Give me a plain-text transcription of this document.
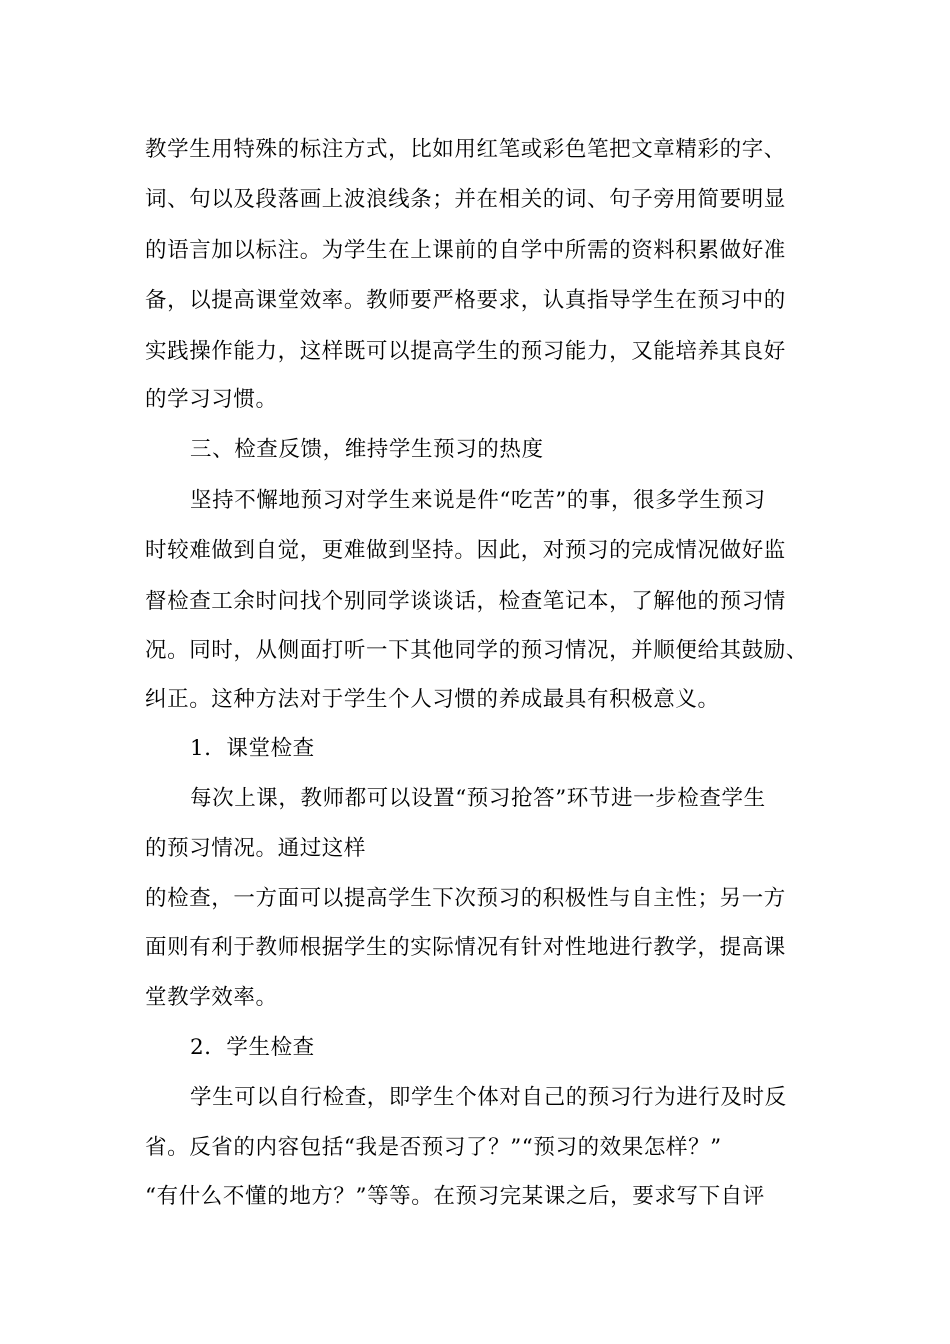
教学生用特殊的标注方式，比如用红笔或彩色笔把文章精彩的字、
词、句以及段落画上波浪线条；并在相关的词、句子旁用简要明显
的语言加以标注。为学生在上课前的自学中所需的资料积累做好准
备，以提高课堂效率。教师要严格要求，认真指导学生在预习中的
实践操作能力，这样既可以提高学生的预习能力，又能培养其良好
的学习习惯。
三、检查反馈，维持学生预习的热度
坚持不懈地预习对学生来说是件“吃苦”的事，很多学生预习
时较难做到自觉，更难做到坚持。因此，对预习的完成情况做好监
督检查工余时问找个别同学谈谈话，检查笔记本，了解他的预习情
况。同时，从侧面打听一下其他同学的预习情况，并顺便给其鼓励、
纠正。这种方法对于学生个人习惯的养成最具有积极意义。
1．课堂检查
每次上课，教师都可以设置“预习抢答”环节进一步检查学生
的预习情况。通过这样
的检查，一方面可以提高学生下次预习的积极性与自主性；另一方
面则有利于教师根据学生的实际情况有针对性地进行教学，提高课
堂教学效率。
2．学生检查
学生可以自行检查，即学生个体对自己的预习行为进行及时反
省。反省的内容包括“我是否预习了？”“预习的效果怎样？”
“有什么不懂的地方？”等等。在预习完某课之后，要求写下自评
